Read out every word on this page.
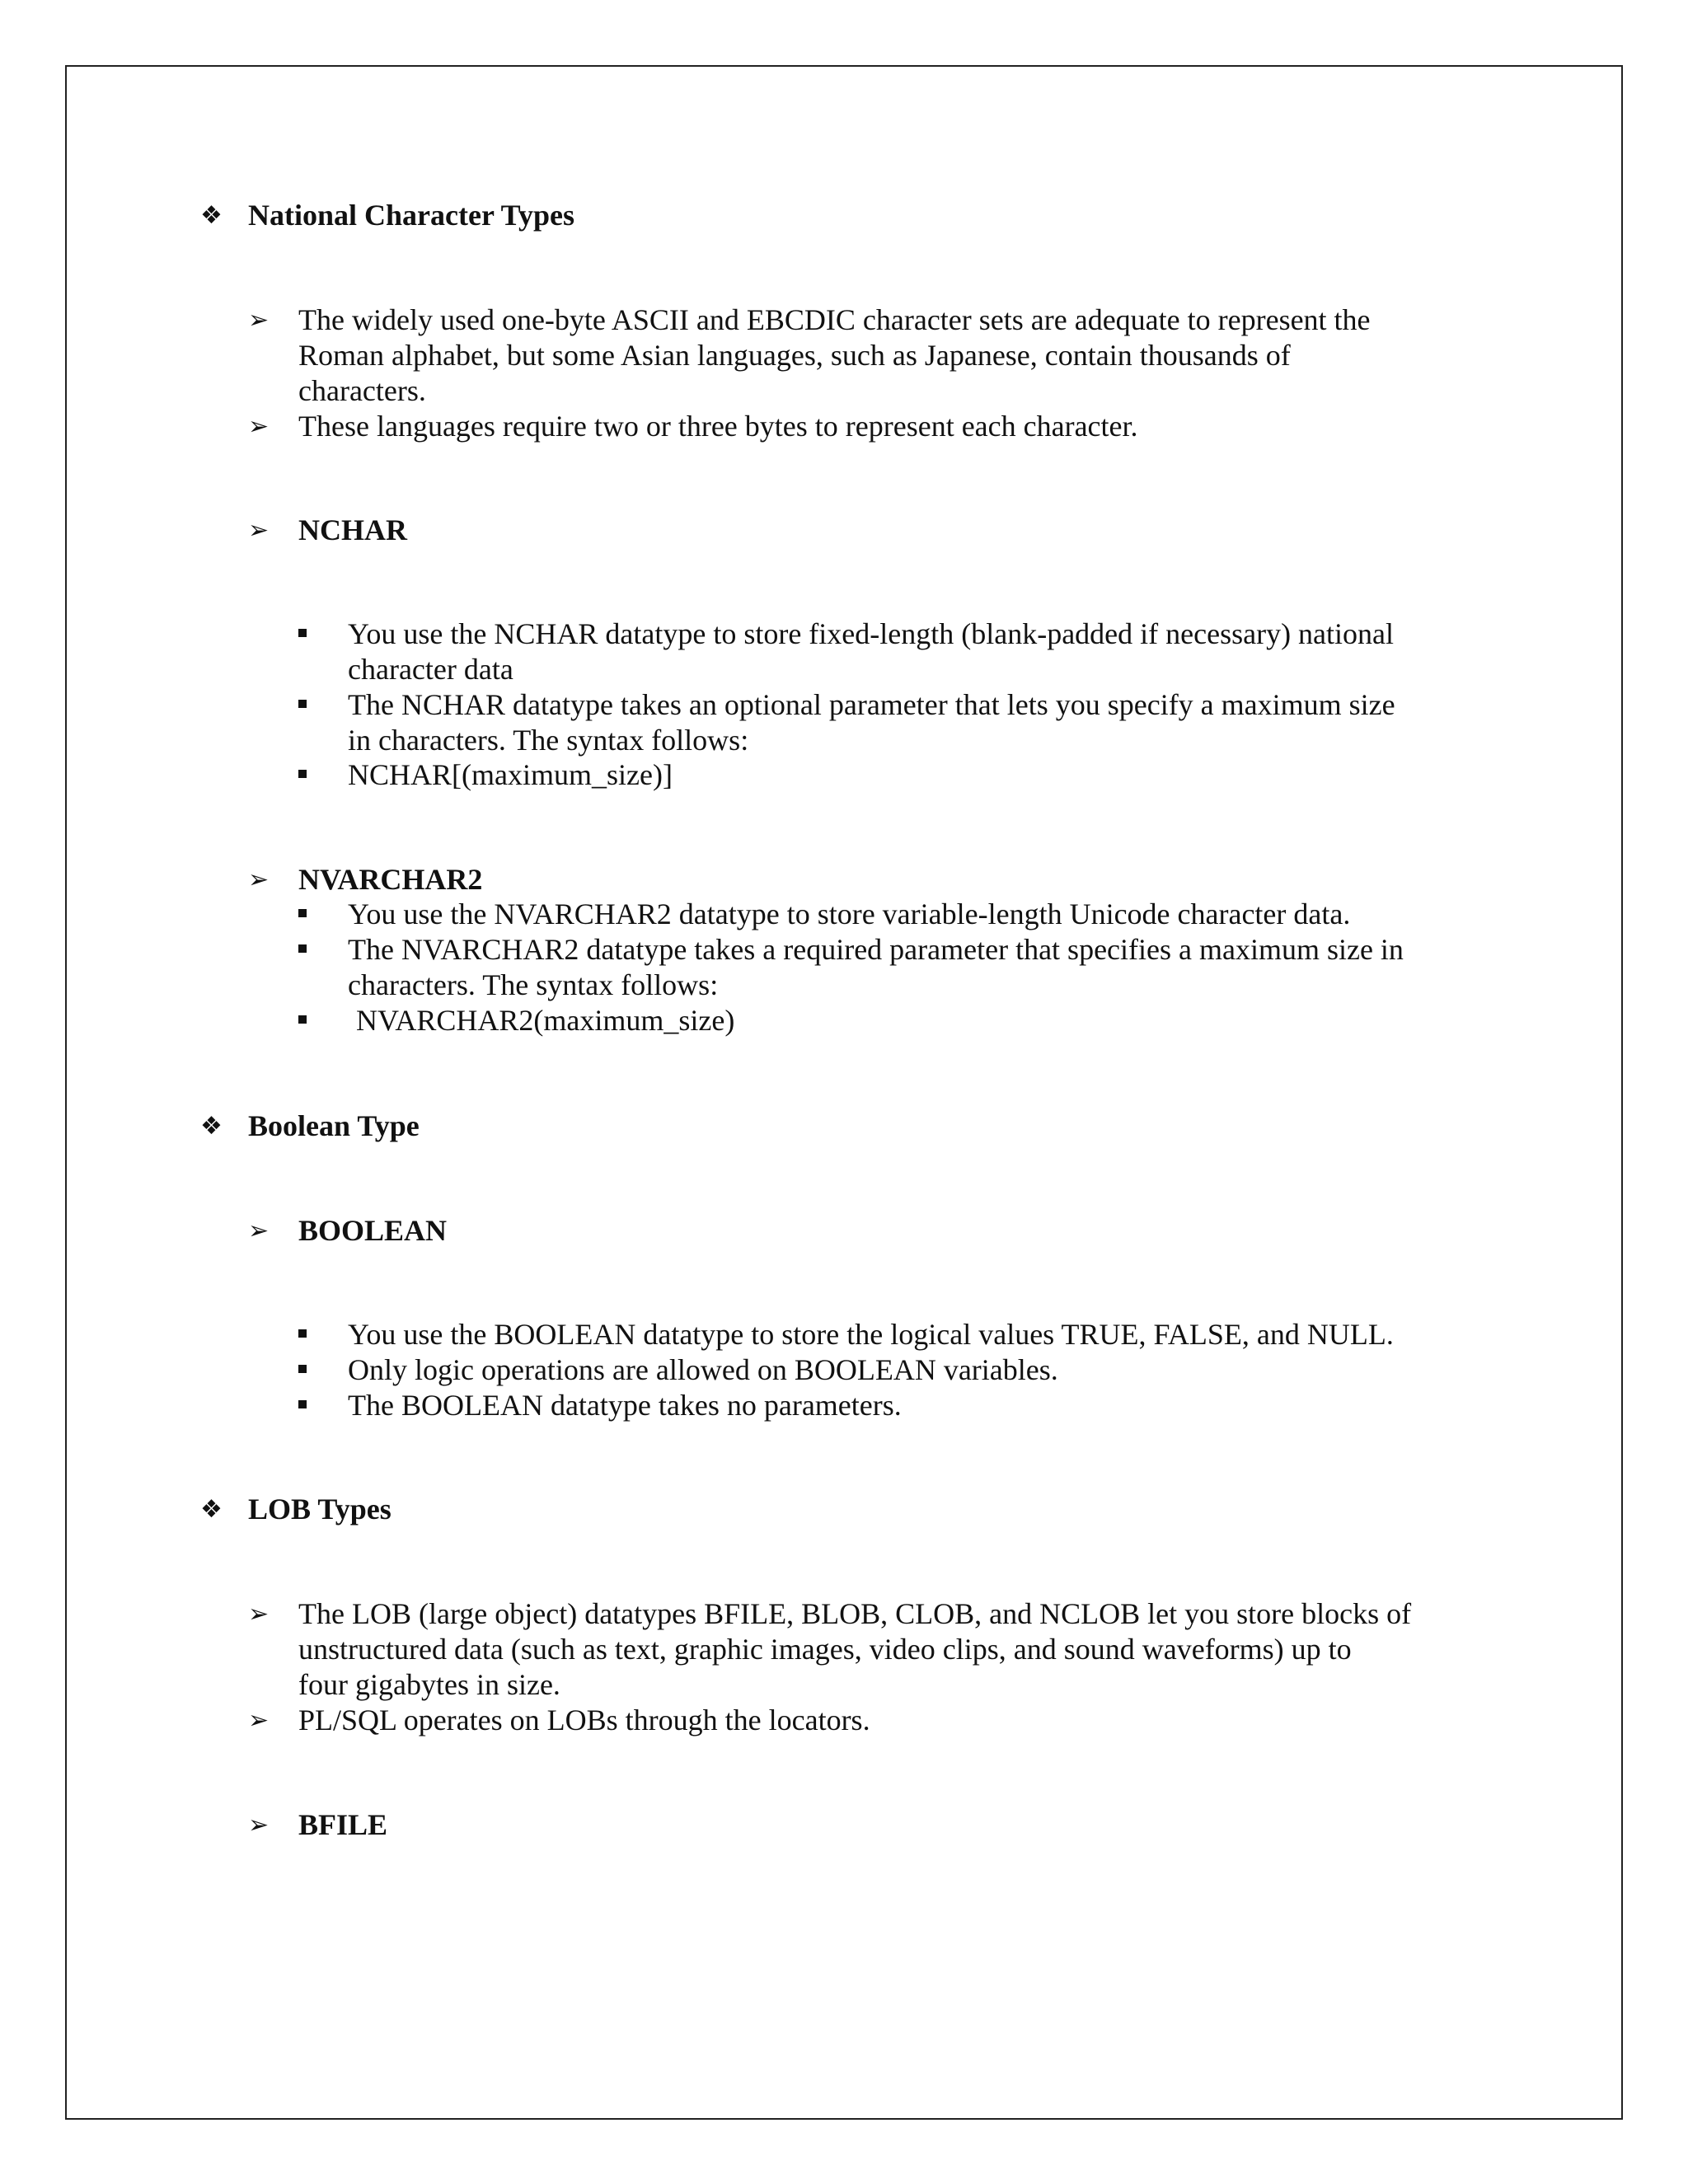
❖ National Character Types
➢ The widely used one-byte ASCII and EBCDIC character sets are adequate to represent the
Roman alphabet, but some Asian languages, such as Japanese, contain thousands of
characters.
➢ These languages require two or three bytes to represent each character.
➢ NCHAR
You use the NCHAR datatype to store fixed-length (blank-padded if necessary) national
character data
The NCHAR datatype takes an optional parameter that lets you specify a maximum size
in characters. The syntax follows:
NCHAR[(maximum_size)]
➢ NVARCHAR2
You use the NVARCHAR2 datatype to store variable-length Unicode character data.
The NVARCHAR2 datatype takes a required parameter that specifies a maximum size in
characters. The syntax follows:
NVARCHAR2(maximum_size)
❖ Boolean Type
➢ BOOLEAN
You use the BOOLEAN datatype to store the logical values TRUE, FALSE, and NULL.
Only logic operations are allowed on BOOLEAN variables.
The BOOLEAN datatype takes no parameters.
❖ LOB Types
➢ The LOB (large object) datatypes BFILE, BLOB, CLOB, and NCLOB let you store blocks of
unstructured data (such as text, graphic images, video clips, and sound waveforms) up to
four gigabytes in size.
➢ PL/SQL operates on LOBs through the locators.
➢ BFILE
